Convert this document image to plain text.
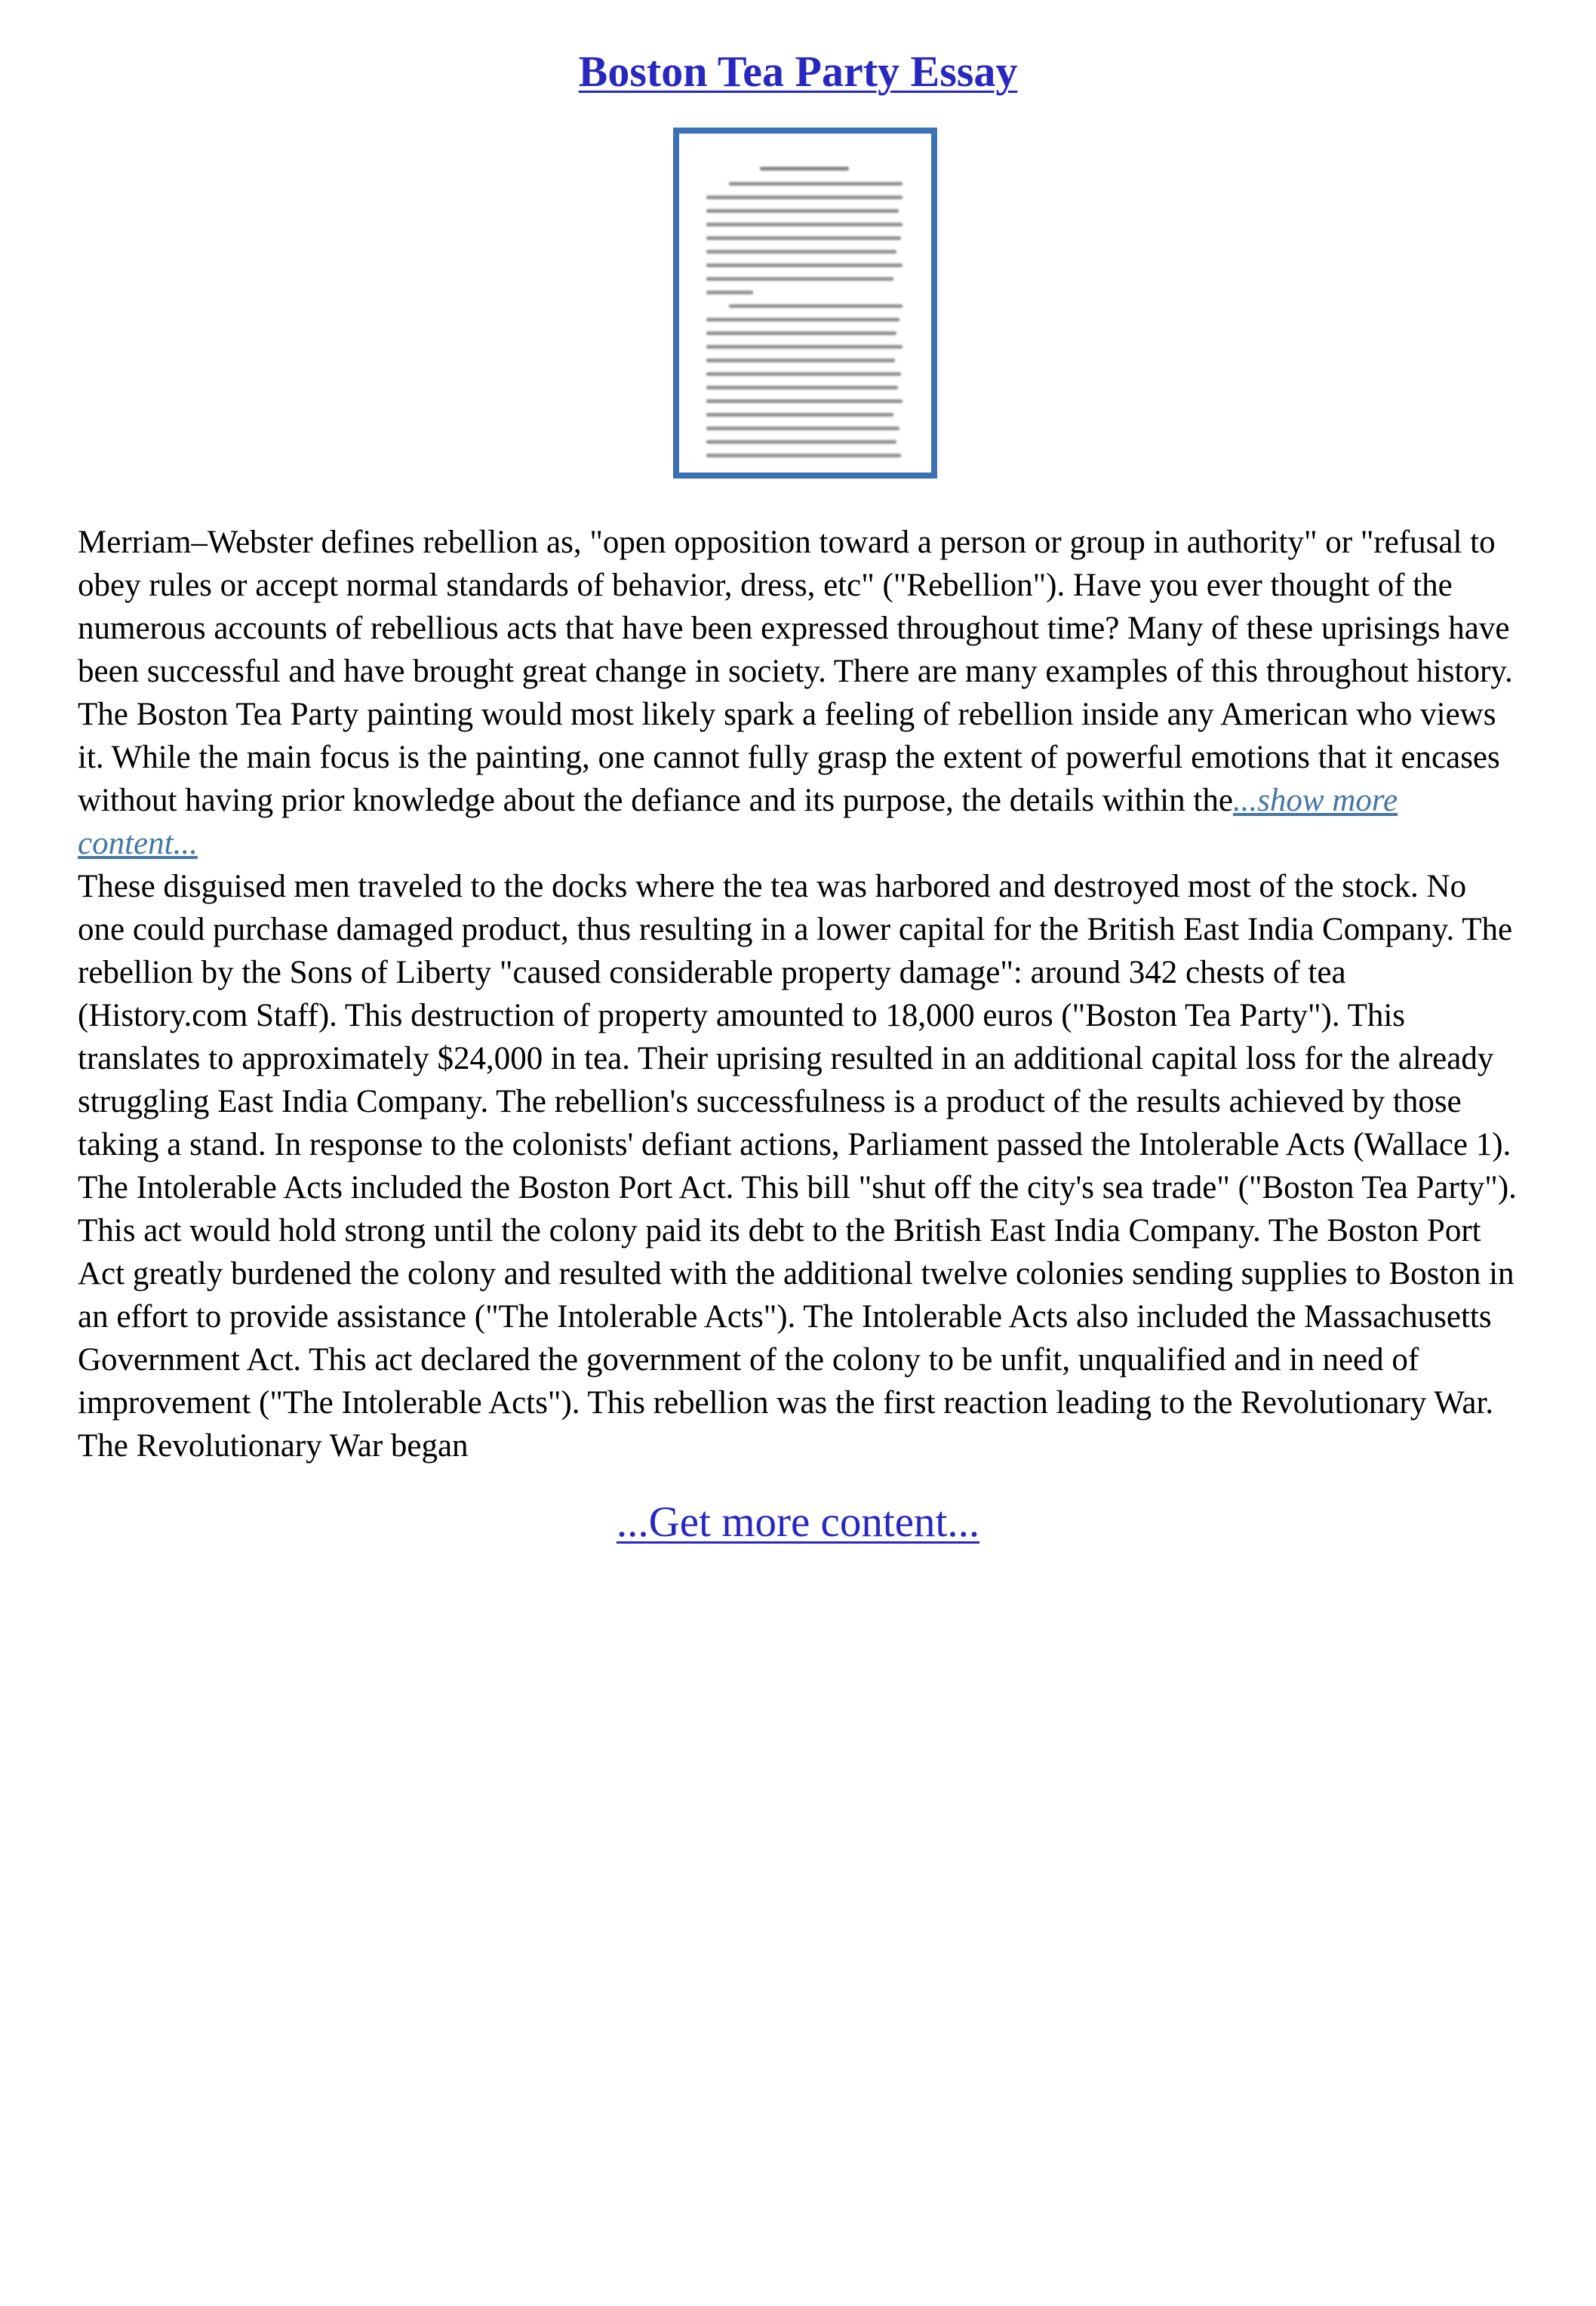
Boston Tea Party Essay

Merriam–Webster defines rebellion as, "open opposition toward a person or group in authority" or "refusal to obey rules or accept normal standards of behavior, dress, etc" ("Rebellion"). Have you ever thought of the numerous accounts of rebellious acts that have been expressed throughout time? Many of these uprisings have been successful and have brought great change in society. There are many examples of this throughout history. The Boston Tea Party painting would most likely spark a feeling of rebellion inside any American who views it. While the main focus is the painting, one cannot fully grasp the extent of powerful emotions that it encases without having prior knowledge about the defiance and its purpose, the details within the...show more content...

These disguised men traveled to the docks where the tea was harbored and destroyed most of the stock. No one could purchase damaged product, thus resulting in a lower capital for the British East India Company. The rebellion by the Sons of Liberty "caused considerable property damage": around 342 chests of tea (History.com Staff). This destruction of property amounted to 18,000 euros ("Boston Tea Party"). This translates to approximately $24,000 in tea. Their uprising resulted in an additional capital loss for the already struggling East India Company. The rebellion's successfulness is a product of the results achieved by those taking a stand. In response to the colonists' defiant actions, Parliament passed the Intolerable Acts (Wallace 1). The Intolerable Acts included the Boston Port Act. This bill "shut off the city's sea trade" ("Boston Tea Party"). This act would hold strong until the colony paid its debt to the British East India Company. The Boston Port Act greatly burdened the colony and resulted with the additional twelve colonies sending supplies to Boston in an effort to provide assistance ("The Intolerable Acts"). The Intolerable Acts also included the Massachusetts Government Act. This act declared the government of the colony to be unfit, unqualified and in need of improvement ("The Intolerable Acts"). This rebellion was the first reaction leading to the Revolutionary War. The Revolutionary War began

...Get more content...
